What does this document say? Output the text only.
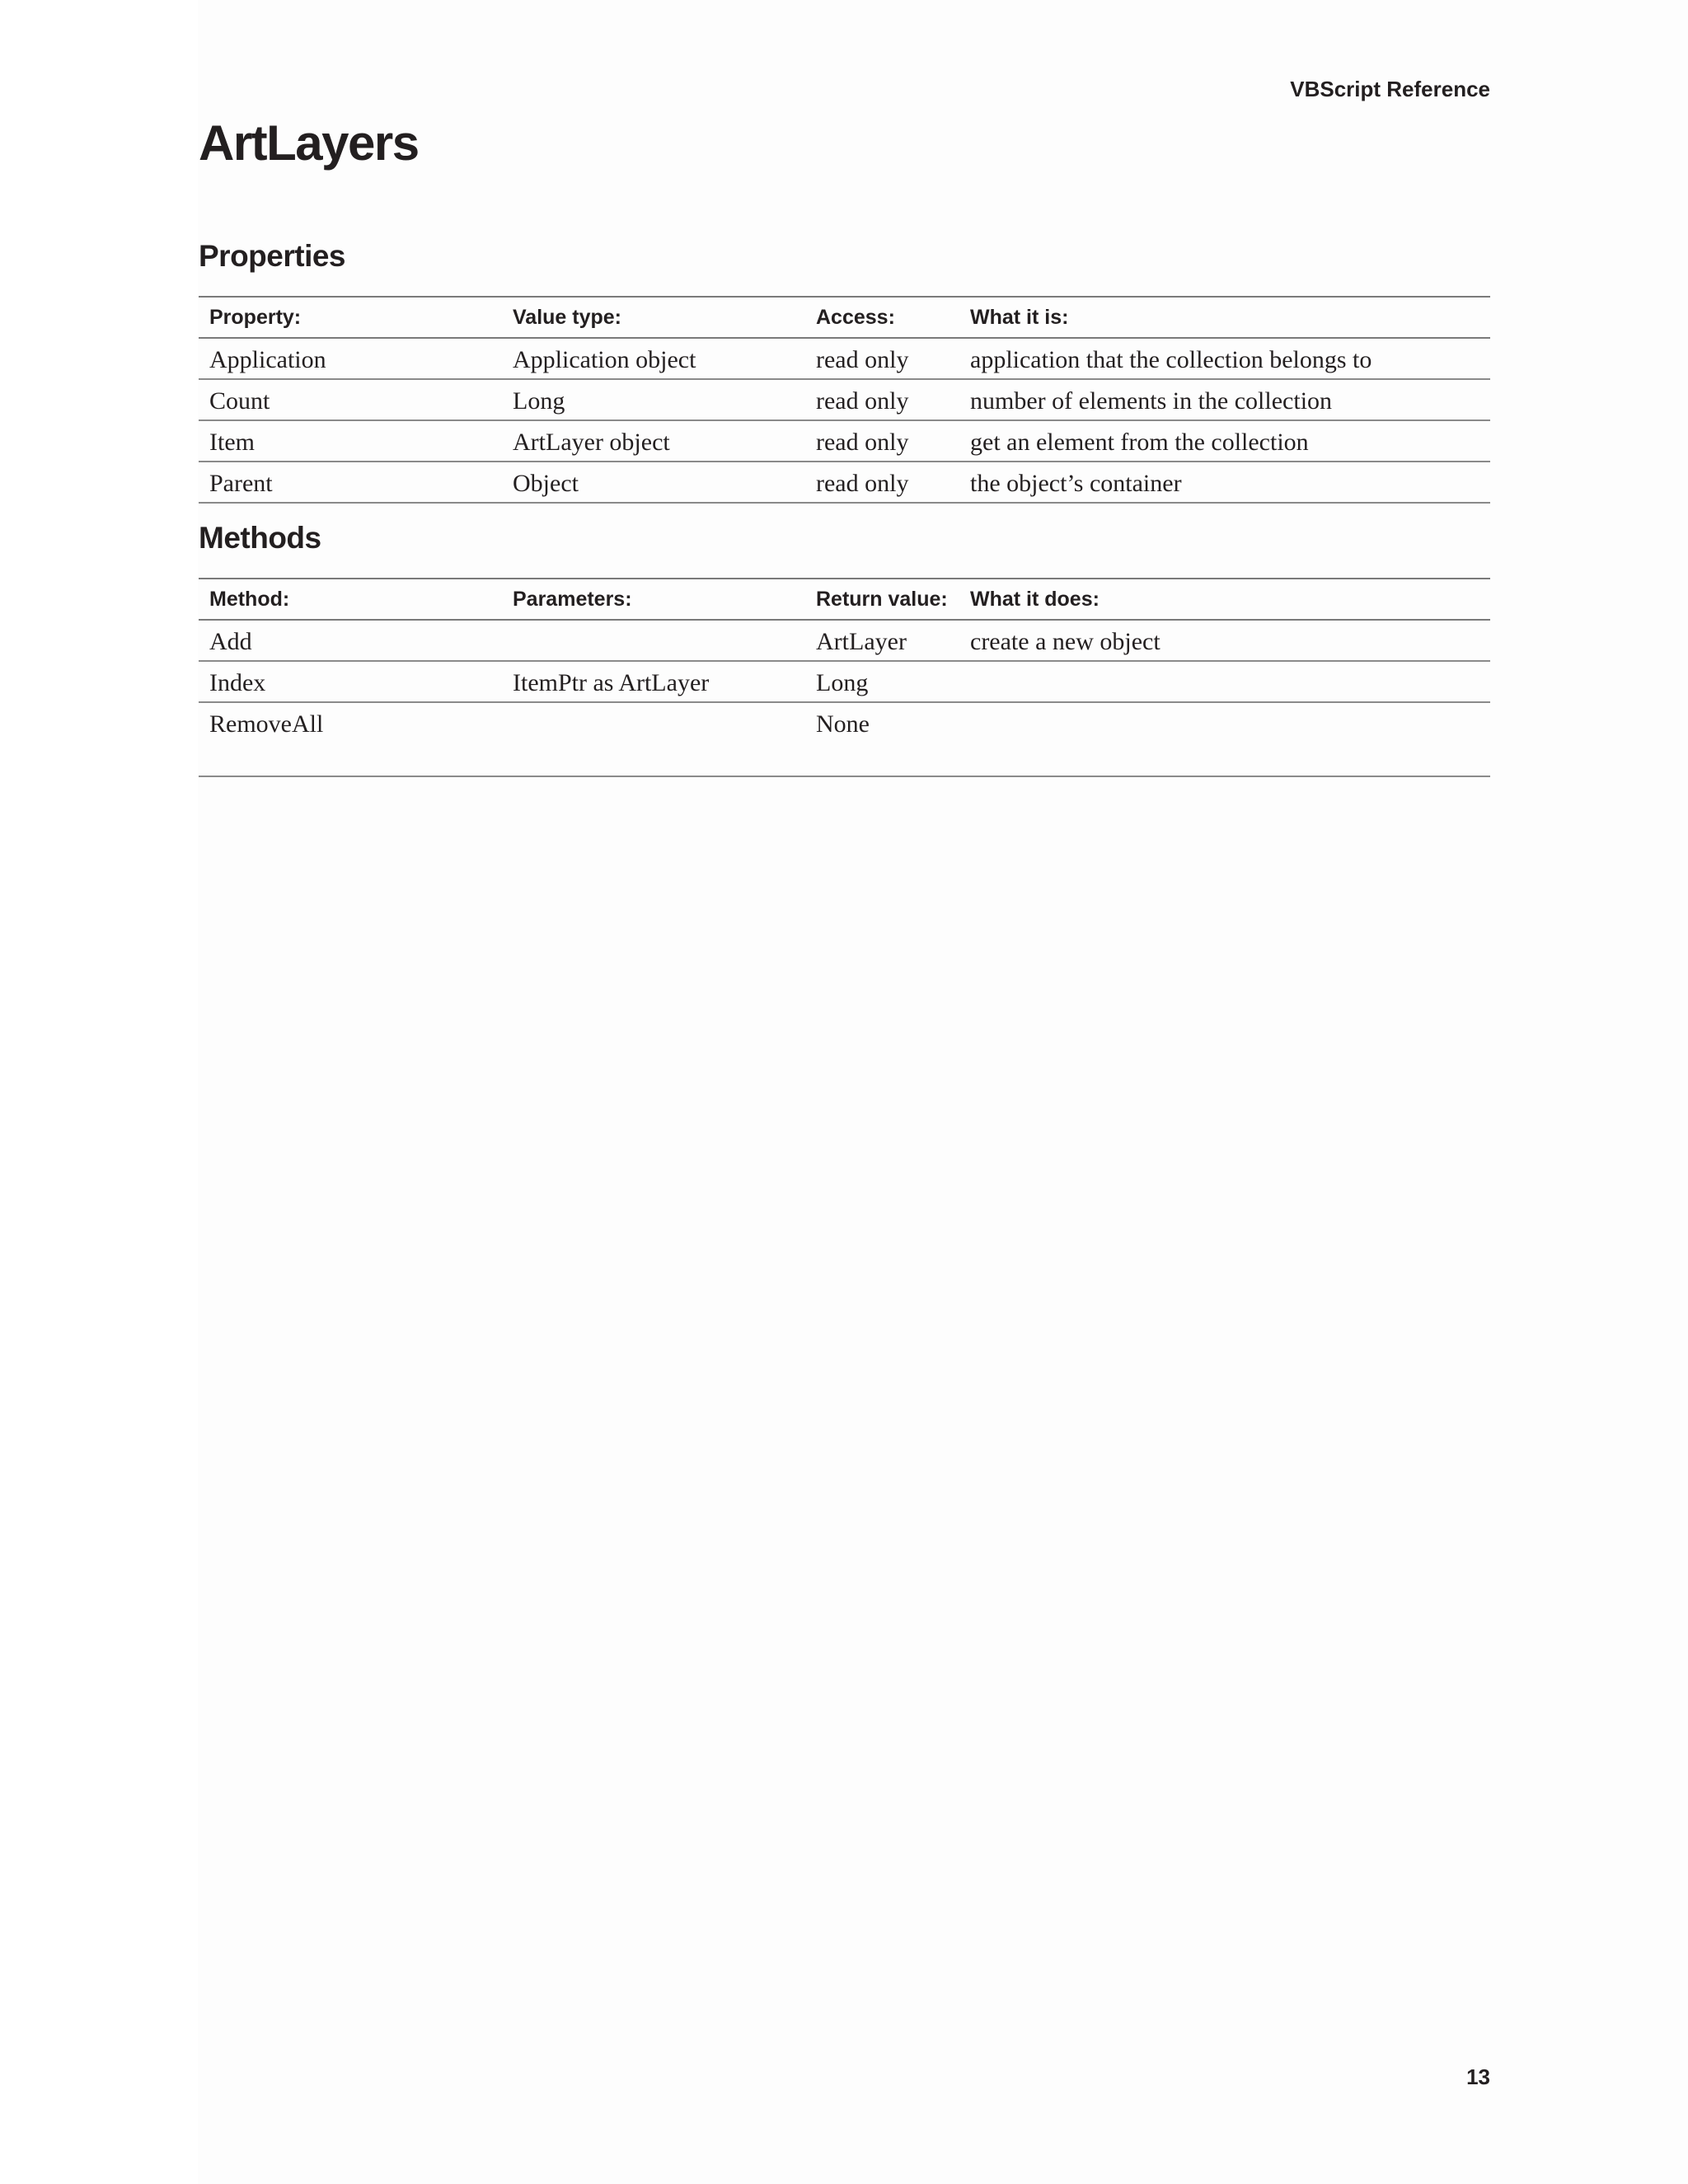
VBScript Reference
ArtLayers
Properties
Property:	Value type:	Access:	What it is:
Application	Application object	read only	application that the collection belongs to
Count	Long	read only	number of elements in the collection
Item	ArtLayer object	read only	get an element from the collection
Parent	Object	read only	the object’s container
Methods
Method:	Parameters:	Return value:	What it does:
Add		ArtLayer	create a new object
Index	ItemPtr as ArtLayer	Long	
RemoveAll		None	
13
